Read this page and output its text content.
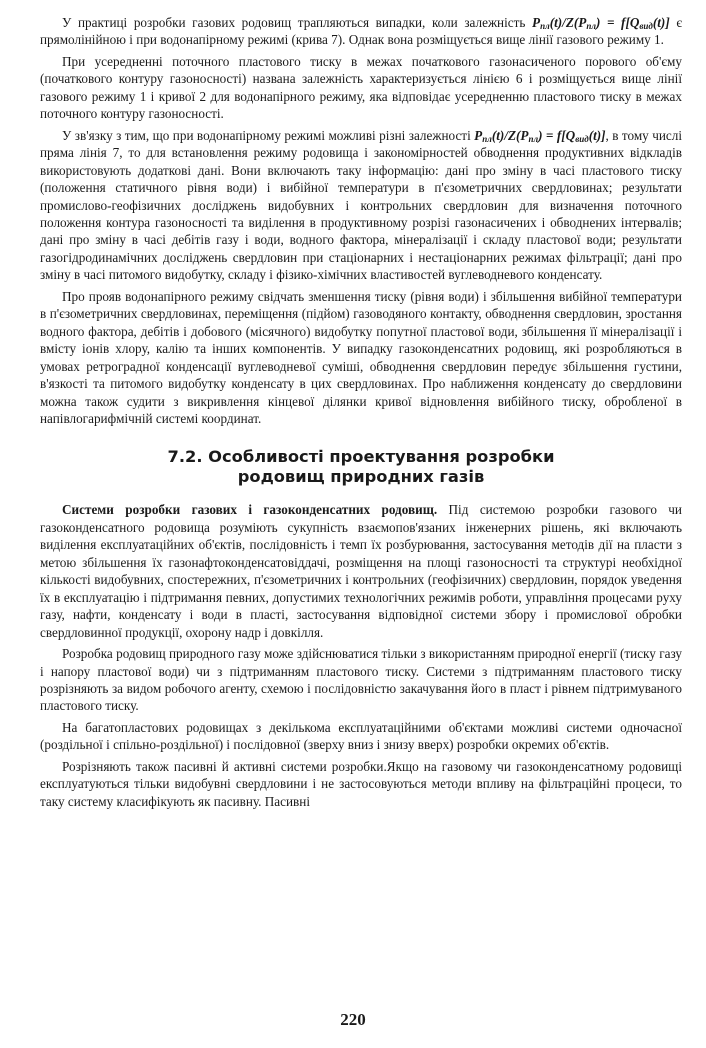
У практиці розробки газових родовищ трапляються випадки, коли залежність $P_{пл}(t)/Z(P_{пл}) = f[Q_{вид}(t)]$ є прямолінійною і при водонапірному режимі (крива 7). Однак вона розміщується вище лінії газового режиму 1.

При усередненні поточного пластового тиску в межах початкового газонасиченого порового об'єму (початкового контуру газоносності) названа залежність характеризується лінією 6 і розміщується вище лінії газового режиму 1 і кривої 2 для водонапірного режиму, яка відповідає усередненню пластового тиску в межах поточного контуру газоносності.

У зв'язку з тим, що при водонапірному режимі можливі різні залежності $P_{пл}(t)/Z(P_{пл}) = f[Q_{вид}(t)]$, в тому числі пряма лінія 7, то для встановлення режиму родовища і закономірностей обводнення продуктивних відкладів використовують додаткові дані. Вони включають таку інформацію: дані про зміну в часі пластового тиску (положення статичного рівня води) і вибійної температури в п'єзометричних свердловинах; результати промислово-геофізичних досліджень видобувних і контрольних свердловин для визначення поточного положення контура газоносності та виділення в продуктивному розрізі газонасичених і обводнених інтервалів; дані про зміну в часі дебітів газу і води, водного фактора, мінералізації і складу пластової води; результати газогідродинамічних досліджень свердловин при стаціонарних і нестаціонарних режимах фільтрації; дані про зміну в часі питомого видобутку, складу і фізико-хімічних властивостей вуглеводневого конденсату.

Про прояв водонапірного режиму свідчать зменшення тиску (рівня води) і збільшення вибійної температури в п'єзометричних свердловинах, переміщення (підйом) газоводяного контакту, обводнення свердловин, зростання водного фактора, дебітів і добового (місячного) видобутку попутної пластової води, збільшення її мінералізації і вмісту іонів хлору, калію та інших компонентів. У випадку газоконденсатних родовищ, які розробляються в умовах ретроградної конденсації вуглеводневої суміші, обводнення свердловин передує збільшення густини, в'язкості та питомого видобутку конденсату в цих свердловинах. Про наближення конденсату до свердловини можна також судити з викривлення кінцевої ділянки кривої відновлення вибійного тиску, обробленої в напівлогарифмічній системі координат.

7.2. Особливості проектування розробки
родовищ природних газів

Системи розробки газових і газоконденсатних родовищ. Під системою розробки газового чи газоконденсатного родовища розуміють сукупність взаємопов'язаних інженерних рішень, які включають виділення експлуатаційних об'єктів, послідовність і темп їх розбурювання, застосування методів дії на пласти з метою збільшення їх газонафтоконденсатовіддачі, розміщення на площі газоносності та структурі необхідної кількості видобувних, спостережних, п'єзометричних і контрольних (геофізичних) свердловин, порядок уведення їх в експлуатацію і підтримання певних, допустимих технологічних режимів роботи, управління процесами руху газу, нафти, конденсату і води в пласті, застосування відповідної системи збору і промислової обробки свердловинної продукції, охорону надр і довкілля.

Розробка родовищ природного газу може здійснюватися тільки з використанням природної енергії (тиску газу і напору пластової води) чи з підтриманням пластового тиску. Системи з підтриманням пластового тиску розрізняють за видом робочого агенту, схемою і послідовністю закачування його в пласт і рівнем підтримуваного пластового тиску.

На багатопластових родовищах з декількома експлуатаційними об'єктами можливі системи одночасної (роздільної і спільно-роздільної) і послідовної (зверху вниз і знизу вверх) розробки окремих об'єктів.

Розрізняють також пасивні й активні системи розробки.Якщо на газовому чи газоконденсатному родовищі експлуатуються тільки видобувні свердловини і не застосовуються методи впливу на фільтраційні процеси, то таку систему класифікують як пасивну. Пасивні

220
